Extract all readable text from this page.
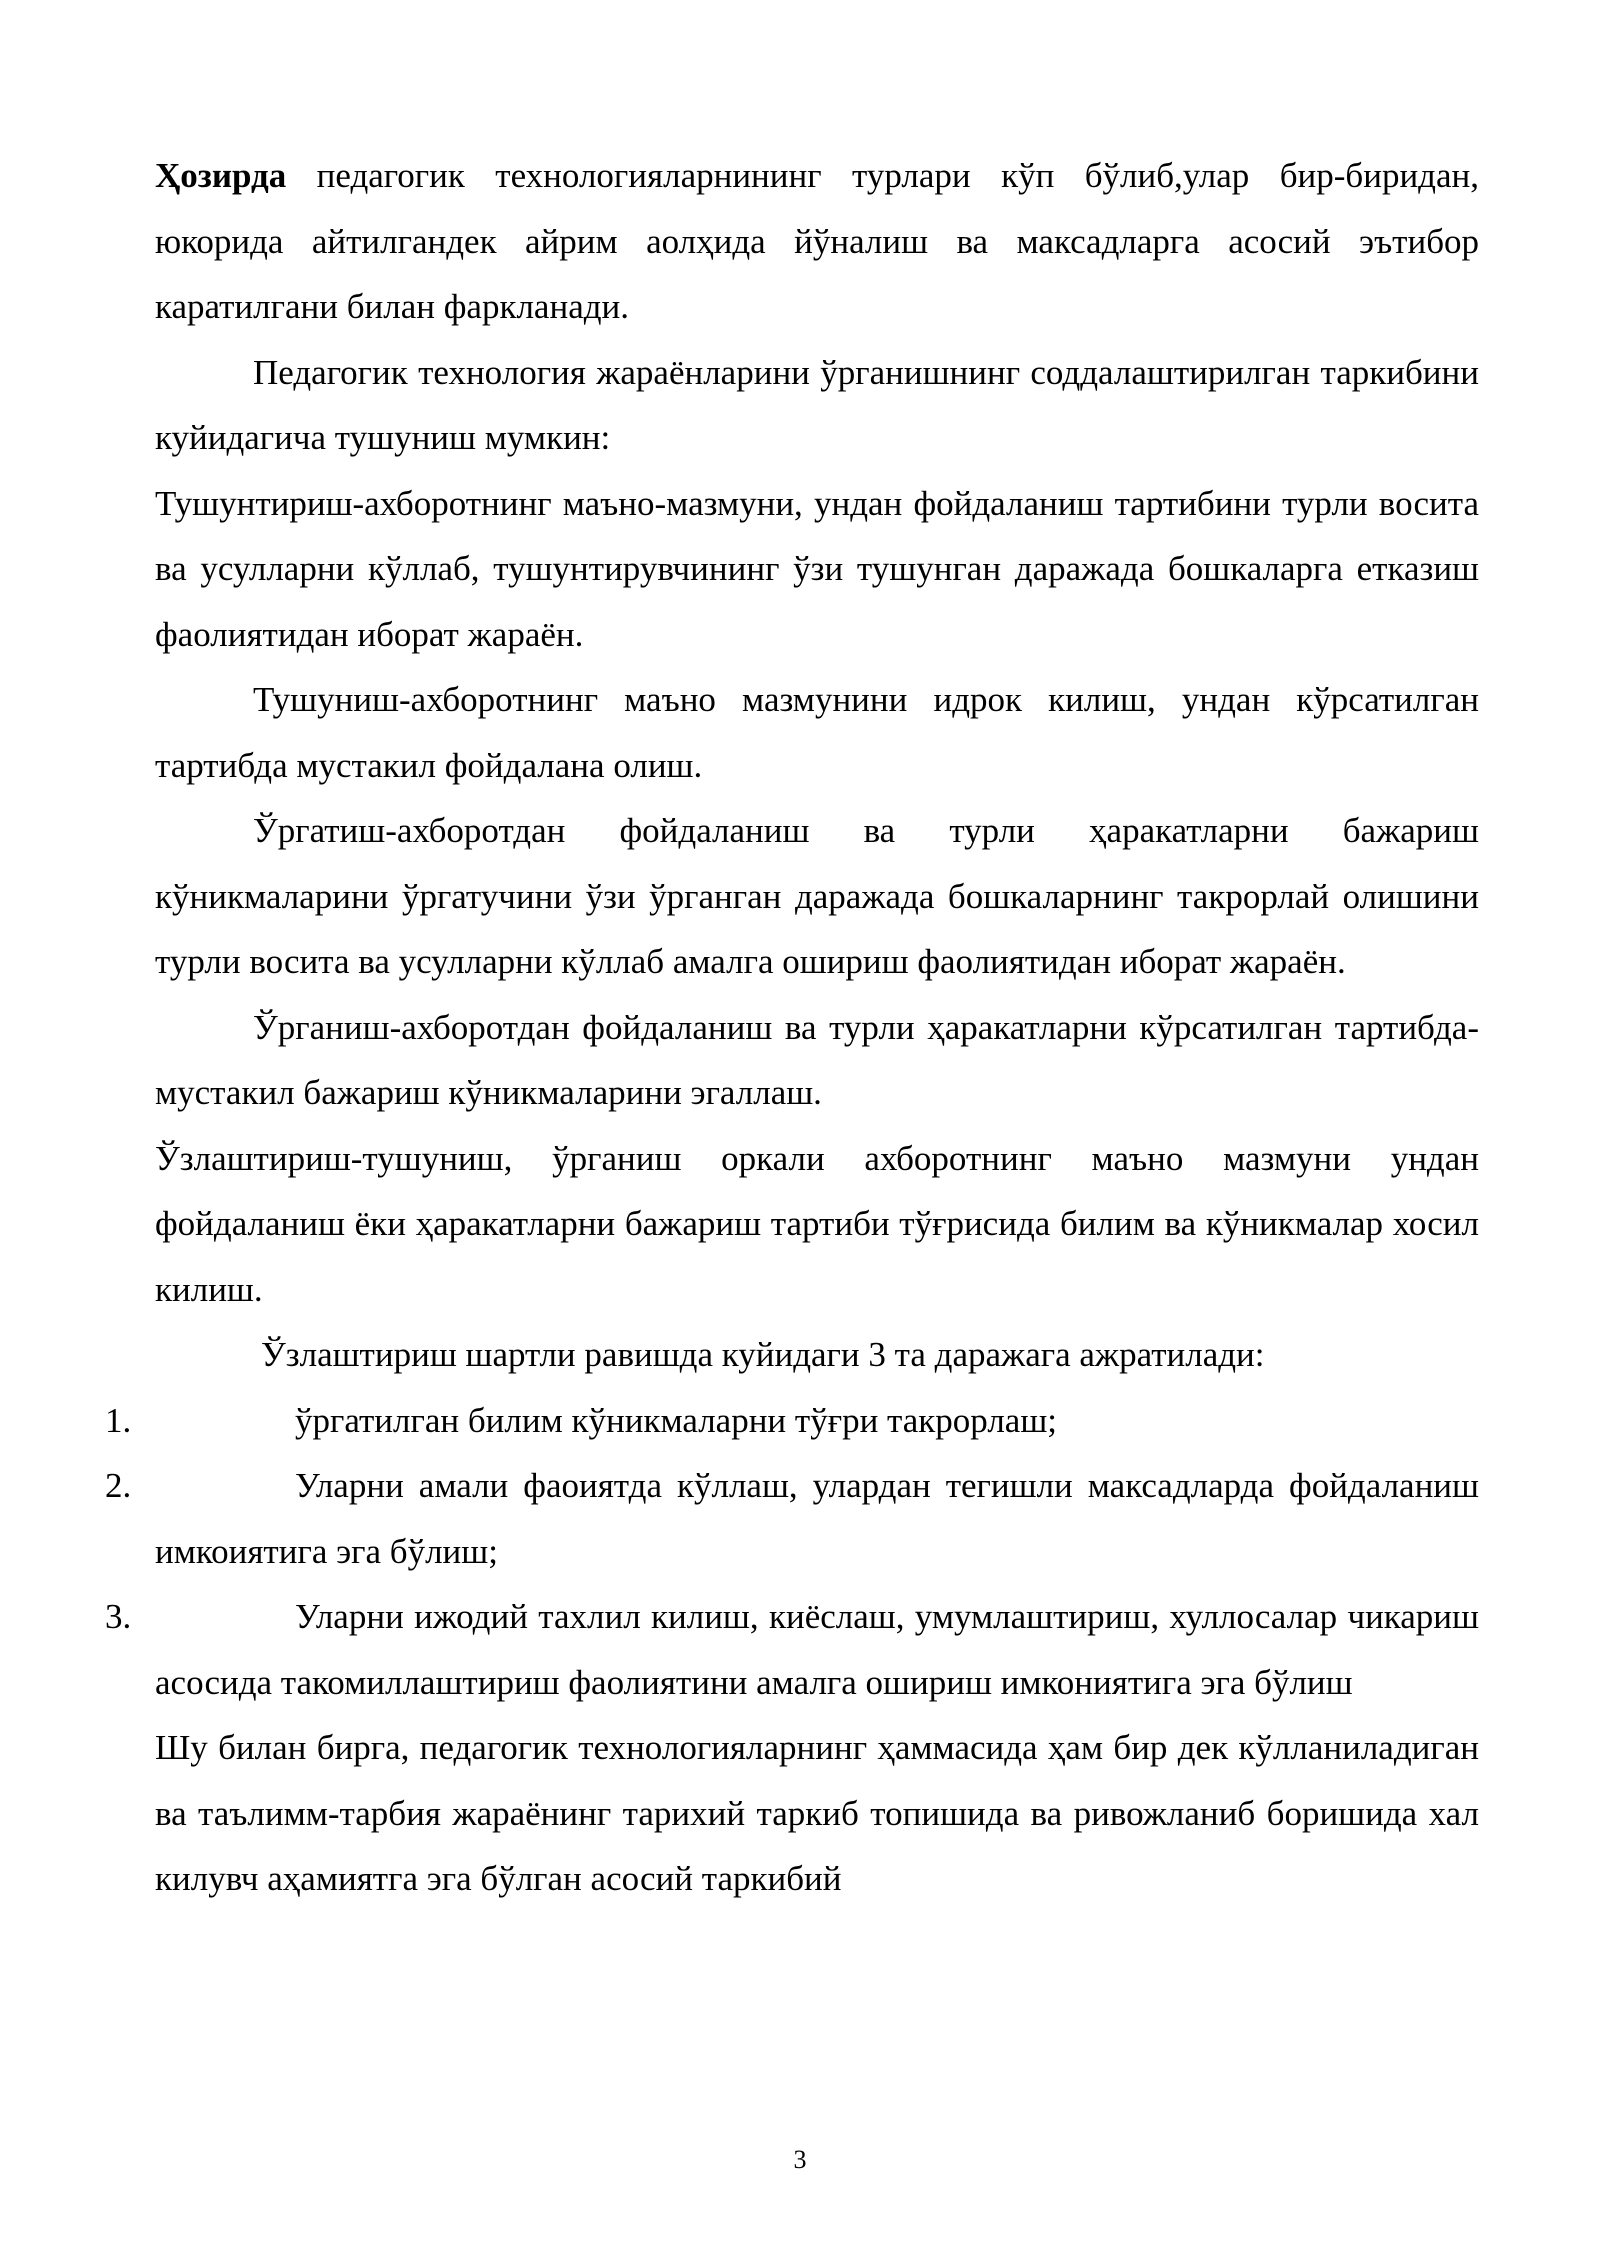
Ҳозирда педагогик технологияларнининг турлари кўп бўлиб,улар бир-биридан, юкорида айтилгандек айрим аолҳида йўналиш ва максадларга асосий эътибор каратилгани билан фаркланади.

Педагогик технология жараёнларини ўрганишнинг соддалаштирилган таркибини куйидагича тушуниш мумкин:

Тушунтириш-ахборотнинг маъно-мазмуни, ундан фойдаланиш тартибини турли восита ва усулларни кўллаб, тушунтирувчининг ўзи тушунган даражада бошкаларга етказиш фаолиятидан иборат жараён.

Тушуниш-ахборотнинг маъно мазмунини идрок килиш, ундан кўрсатилган тартибда мустакил фойдалана олиш.

Ўргатиш-ахборотдан фойдаланиш ва турли ҳаракатларни бажариш кўникмаларини ўргатучини ўзи ўрганган даражада бошкаларнинг такрорлай олишини турли восита ва усулларни кўллаб амалга ошириш фаолиятидан иборат жараён.

Ўрганиш-ахборотдан фойдаланиш ва турли ҳаракатларни кўрсатилган тартибда-мустакил бажариш кўникмаларини эгаллаш.

Ўзлаштириш-тушуниш, ўрганиш оркали ахборотнинг маъно мазмуни ундан фойдаланиш ёки ҳаракатларни бажариш тартиби тўғрисида билим ва кўникмалар хосил килиш.

Ўзлаштириш шартли равишда куйидаги 3 та даражага ажратилади:

1.	ўргатилган билим кўникмаларни тўғри такрорлаш;
2.	Уларни амали фаоиятда кўллаш, улардан тегишли максадларда фойдаланиш имкоиятига эга бўлиш;
3.	Уларни ижодий тахлил килиш, киёслаш, умумлаштириш, хуллосалар чикариш асосида такомиллаштириш фаолиятини амалга ошириш имкониятига эга бўлиш

Шу билан бирга, педагогик технологияларнинг ҳаммасида ҳам бир дек кўлланиладиган ва таълимм-тарбия жараёнинг тарихий таркиб топишида ва ривожланиб боришида хал килувч аҳамиятга эга бўлган асосий таркибий

3
